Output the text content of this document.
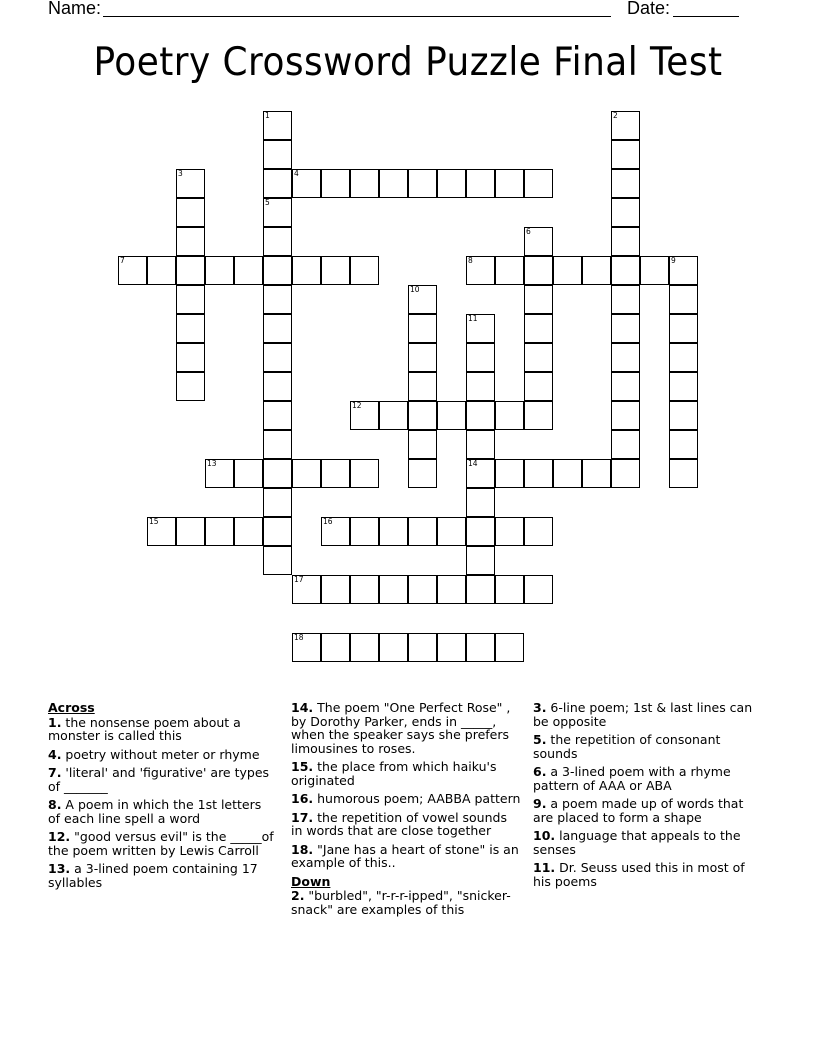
Name:	Date:
Poetry Crossword Puzzle Final Test
1
5
2
3	4
7	8	9
6
10
11
14
12
13
15	16
17
18
Across
1. the nonsense poem about a monster is called this
4. poetry without meter or rhyme
7. 'literal' and 'figurative' are types of _______
8. A poem in which the 1st letters of each line spell a word
12. "good versus evil" is the _____of the poem written by Lewis Carroll
13. a 3-lined poem containing 17 syllables
14. The poem "One Perfect Rose" , by Dorothy Parker, ends in _____, when the speaker says she prefers limousines to roses.
15. the place from which haiku's originated
16. humorous poem; AABBA pattern
17. the repetition of vowel sounds in words that are close together
18. "Jane has a heart of stone" is an example of this..
Down
2. "burbled", "r-r-r-ipped", "snicker-snack" are examples of this
3. 6-line poem; 1st & last lines can be opposite
5. the repetition of consonant sounds
6. a 3-lined poem with a rhyme pattern of AAA or ABA
9. a poem made up of words that are placed to form a shape
10. language that appeals to the senses
11. Dr. Seuss used this in most of his poems
